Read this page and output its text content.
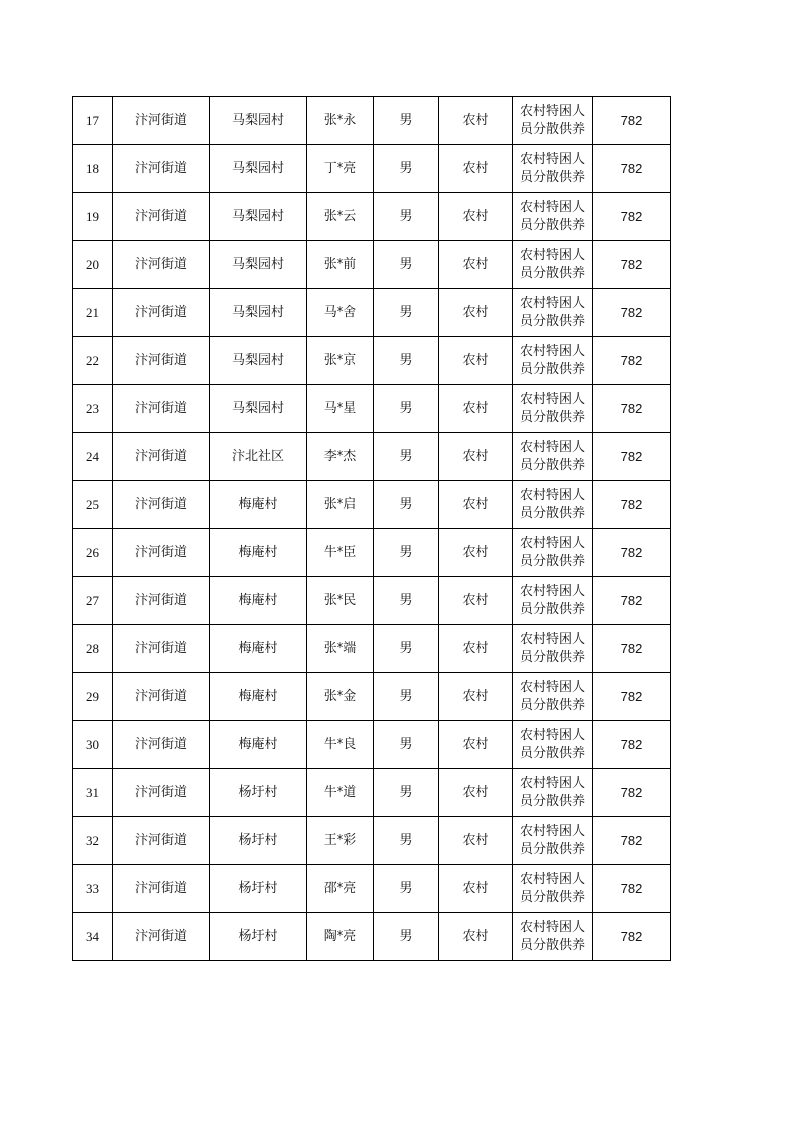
17	汴河街道	马梨园村	张*永	男	农村	农村特困人员分散供养	782
18	汴河街道	马梨园村	丁*亮	男	农村	农村特困人员分散供养	782
19	汴河街道	马梨园村	张*云	男	农村	农村特困人员分散供养	782
20	汴河街道	马梨园村	张*前	男	农村	农村特困人员分散供养	782
21	汴河街道	马梨园村	马*舍	男	农村	农村特困人员分散供养	782
22	汴河街道	马梨园村	张*京	男	农村	农村特困人员分散供养	782
23	汴河街道	马梨园村	马*星	男	农村	农村特困人员分散供养	782
24	汴河街道	汴北社区	李*杰	男	农村	农村特困人员分散供养	782
25	汴河街道	梅庵村	张*启	男	农村	农村特困人员分散供养	782
26	汴河街道	梅庵村	牛*臣	男	农村	农村特困人员分散供养	782
27	汴河街道	梅庵村	张*民	男	农村	农村特困人员分散供养	782
28	汴河街道	梅庵村	张*端	男	农村	农村特困人员分散供养	782
29	汴河街道	梅庵村	张*金	男	农村	农村特困人员分散供养	782
30	汴河街道	梅庵村	牛*良	男	农村	农村特困人员分散供养	782
31	汴河街道	杨圩村	牛*道	男	农村	农村特困人员分散供养	782
32	汴河街道	杨圩村	王*彩	男	农村	农村特困人员分散供养	782
33	汴河街道	杨圩村	邵*亮	男	农村	农村特困人员分散供养	782
34	汴河街道	杨圩村	陶*亮	男	农村	农村特困人员分散供养	782
